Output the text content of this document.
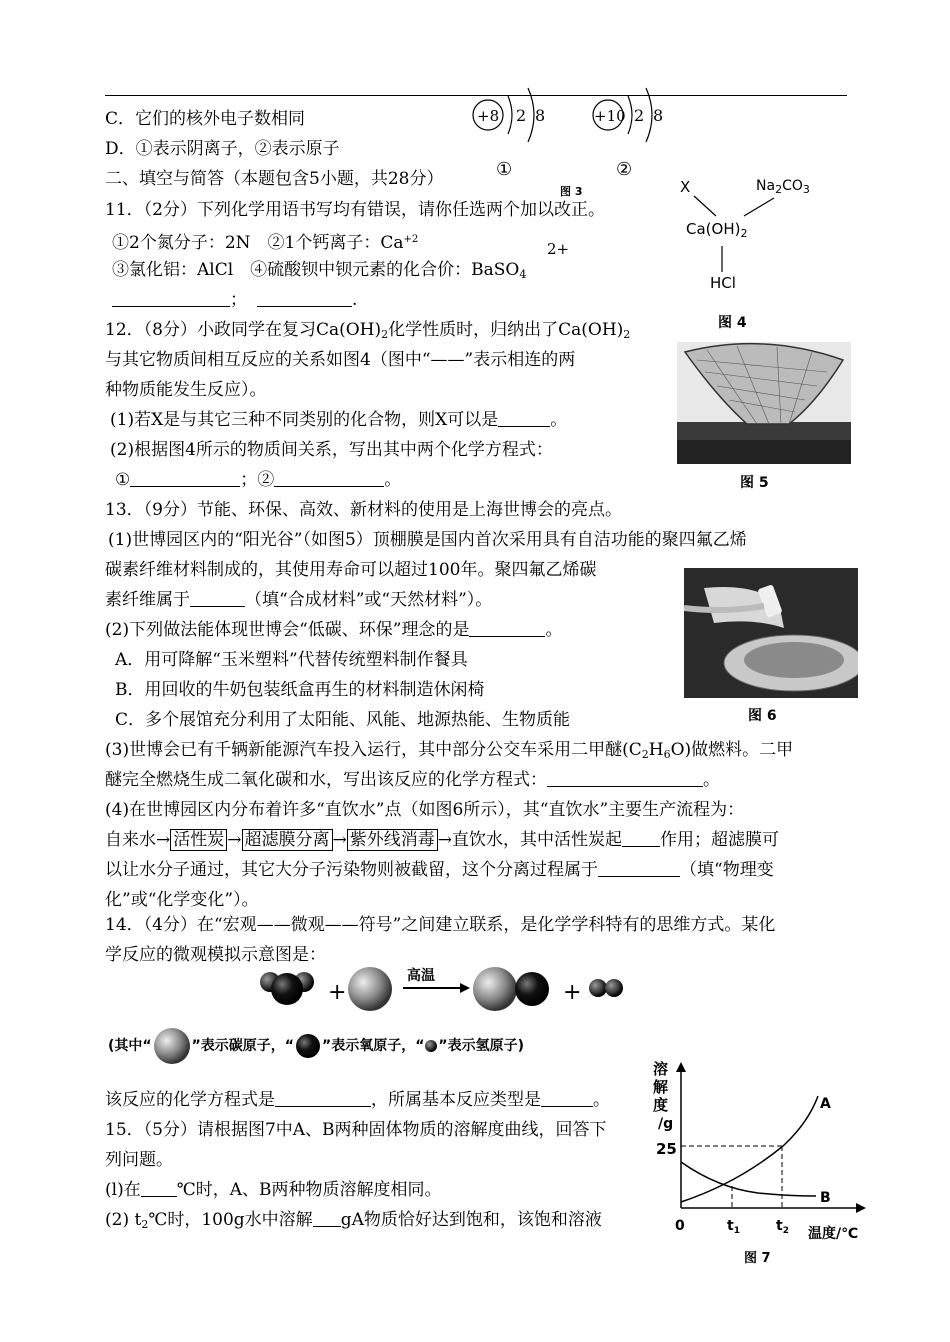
C．它们的核外电子数相同
D．①表示阴离子，②表示原子
二、填空与简答（本题包含5小题，共28分）
11．（2分）下列化学用语书写均有错误，请你任选两个加以改正。
①2个氮分子：2N　②1个钙离子：$Ca^{+2}$
2+
③氯化铝：AlCl　④硫酸钡中钡元素的化合价：BaSO$_4$
；	.
12．（8分）小政同学在复习$Ca(OH)_2$化学性质时，归纳出了$Ca(OH)_2$
与其它物质间相互反应的关系如图4（图中“——”表示相连的两
种物质能发生反应）。
(1)若X是与其它三种不同类别的化合物，则X可以是	。
(2)根据图4所示的物质间关系，写出其中两个化学方程式：
①	；②	。
13．（9分）节能、环保、高效、新材料的使用是上海世博会的亮点。
(1)世博园区内的“阳光谷”（如图5）顶棚膜是国内首次采用具有自洁功能的聚四氟乙烯
碳素纤维材料制成的，其使用寿命可以超过100年。聚四氟乙烯碳
素纤维属于	（填“合成材料”或“天然材料”）。
(2)下列做法能体现世博会“低碳、环保”理念的是	。
A．用可降解“玉米塑料”代替传统塑料制作餐具
B．用回收的牛奶包装纸盒再生的材料制造休闲椅
C．多个展馆充分利用了太阳能、风能、地源热能、生物质能
(3)世博会已有千辆新能源汽车投入运行，其中部分公交车采用二甲醚$(C_2H_6O)$做燃料。二甲
醚完全燃烧生成二氧化碳和水，写出该反应的化学方程式：	。
(4)在世博园区内分布着许多“直饮水”点（如图6所示），其“直饮水”主要生产流程为：
自来水→ 活性炭 → 超滤膜分离 → 紫外线消毒 →直饮水，其中活性炭起 作用；超滤膜可
以让水分子通过，其它大分子污染物则被截留，这个分离过程属于	（填“物理变
化”或“化学变化”）。
14．（4分）在“宏观——微观——符号”之间建立联系，是化学学科特有的思维方式。某化
学反应的微观模拟示意图是：
+
高温
+
(其中“	”表示碳原子，“ ”表示氧原子，“ ”表示氢原子)
该反应的化学方程式是	，所属基本反应类型是	。
15．（5分）请根据图7中A、B两种固体物质的溶解度曲线，回答下
列问题。
(l)在 ℃时，A、B两种物质溶解度相同。
(2) $t_2℃$时，100g水中溶解 gA物质恰好达到饱和，该饱和溶液
+8 2 8
①
+10 2 8
②
图 3	X	$Na_2CO_3$
$Ca(OH)_2$
HCl
图 4
图 5
图 6
溶
解
度
/g
25
A
B
0	$t_1$	$t_2$ 温度/℃
图 7
